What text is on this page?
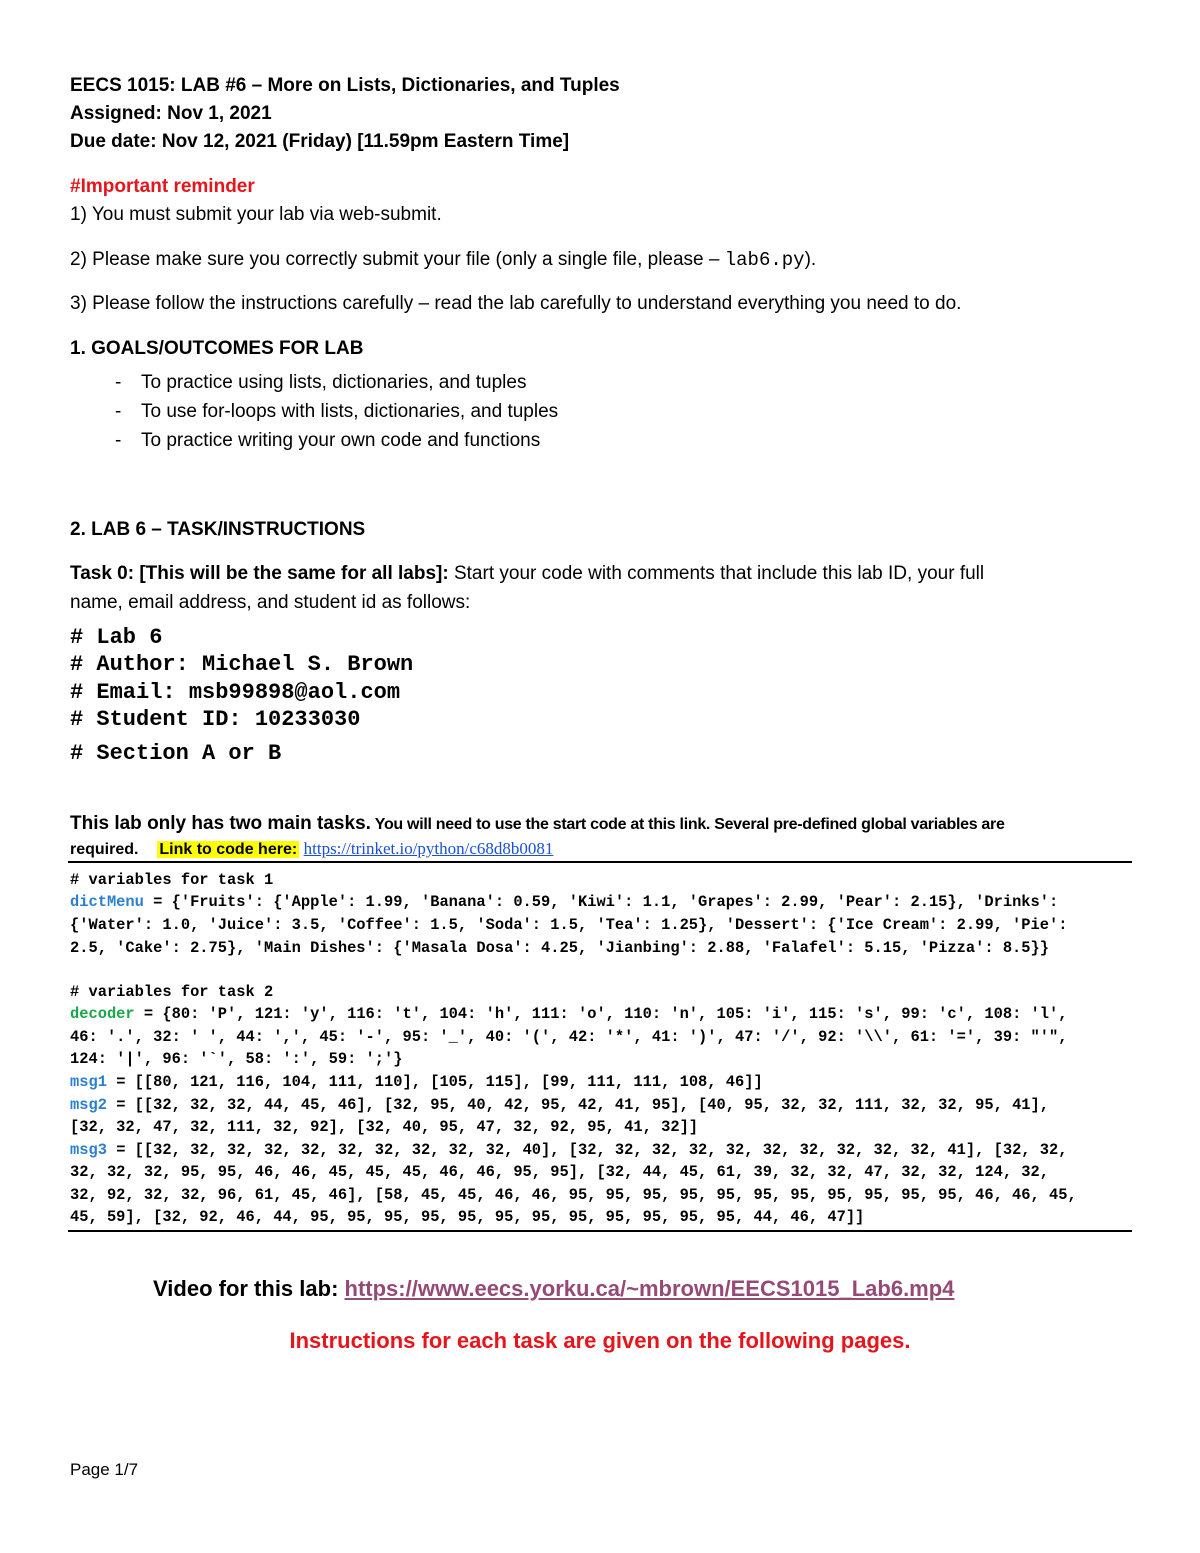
EECS 1015: LAB #6 – More on Lists, Dictionaries, and Tuples
Assigned: Nov 1, 2021
Due date: Nov 12, 2021 (Friday) [11.59pm Eastern Time]
#Important reminder
1) You must submit your lab via web-submit.
2) Please make sure you correctly submit your file (only a single file, please – lab6.py).
3) Please follow the instructions carefully – read the lab carefully to understand everything you need to do.
1. GOALS/OUTCOMES FOR LAB
- To practice using lists, dictionaries, and tuples
- To use for-loops with lists, dictionaries, and tuples
- To practice writing your own code and functions
2. LAB 6 – TASK/INSTRUCTIONS
Task 0: [This will be the same for all labs]: Start your code with comments that include this lab ID, your full
name, email address, and student id as follows:
# Lab 6
# Author: Michael S. Brown
# Email: msb99898@aol.com
# Student ID: 10233030
# Section A or B
This lab only has two main tasks. You will need to use the start code at this link. Several pre-defined global variables are
required. Link to code here: https://trinket.io/python/c68d8b0081
# variables for task 1
dictMenu = {'Fruits': {'Apple': 1.99, 'Banana': 0.59, 'Kiwi': 1.1, 'Grapes': 2.99, 'Pear': 2.15}, 'Drinks':
{'Water': 1.0, 'Juice': 3.5, 'Coffee': 1.5, 'Soda': 1.5, 'Tea': 1.25}, 'Dessert': {'Ice Cream': 2.99, 'Pie':
2.5, 'Cake': 2.75}, 'Main Dishes': {'Masala Dosa': 4.25, 'Jianbing': 2.88, 'Falafel': 5.15, 'Pizza': 8.5}}
# variables for task 2
decoder = {80: 'P', 121: 'y', 116: 't', 104: 'h', 111: 'o', 110: 'n', 105: 'i', 115: 's', 99: 'c', 108: 'l',
46: '.', 32: ' ', 44: ',', 45: '-', 95: '_', 40: '(', 42: '*', 41: ')', 47: '/', 92: '\\', 61: '=', 39: "'",
124: '|', 96: '`', 58: ':', 59: ';'}
msg1 = [[80, 121, 116, 104, 111, 110], [105, 115], [99, 111, 111, 108, 46]]
msg2 = [[32, 32, 32, 44, 45, 46], [32, 95, 40, 42, 95, 42, 41, 95], [40, 95, 32, 32, 111, 32, 32, 95, 41],
[32, 32, 47, 32, 111, 32, 92], [32, 40, 95, 47, 32, 92, 95, 41, 32]]
msg3 = [[32, 32, 32, 32, 32, 32, 32, 32, 32, 32, 40], [32, 32, 32, 32, 32, 32, 32, 32, 32, 32, 41], [32, 32,
32, 32, 32, 95, 95, 46, 46, 45, 45, 45, 46, 46, 95, 95], [32, 44, 45, 61, 39, 32, 32, 47, 32, 32, 124, 32,
32, 92, 32, 32, 96, 61, 45, 46], [58, 45, 45, 46, 46, 95, 95, 95, 95, 95, 95, 95, 95, 95, 95, 95, 46, 46, 45,
45, 59], [32, 92, 46, 44, 95, 95, 95, 95, 95, 95, 95, 95, 95, 95, 95, 95, 44, 46, 47]]
Video for this lab: https://www.eecs.yorku.ca/~mbrown/EECS1015_Lab6.mp4
Instructions for each task are given on the following pages.
Page 1/7
